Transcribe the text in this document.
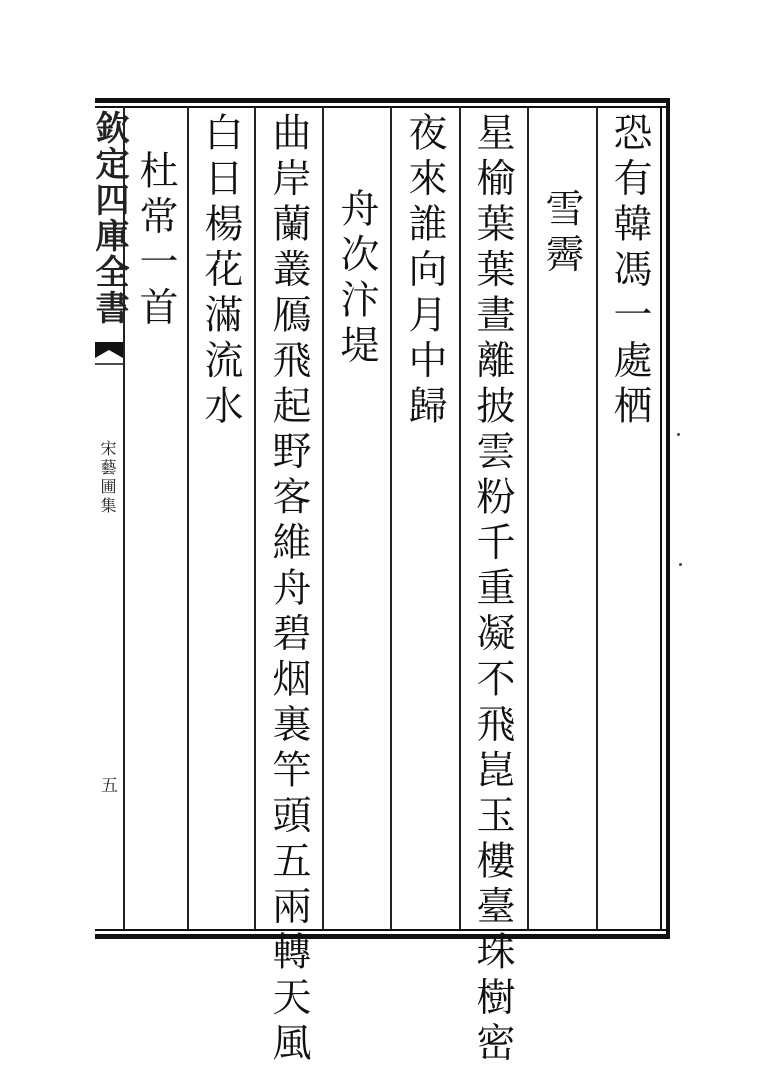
欽定四庫全書
宋藝圃集
五
恐有韓馮一處栖
雪霽
星榆葉葉晝離披雲粉千重凝不飛崑玉樓臺珠樹密
夜來誰向月中歸
舟次汴堤
曲岸蘭叢鴈飛起野客維舟碧烟裏竿頭五兩轉天風
白日楊花滿流水
杜常一首
